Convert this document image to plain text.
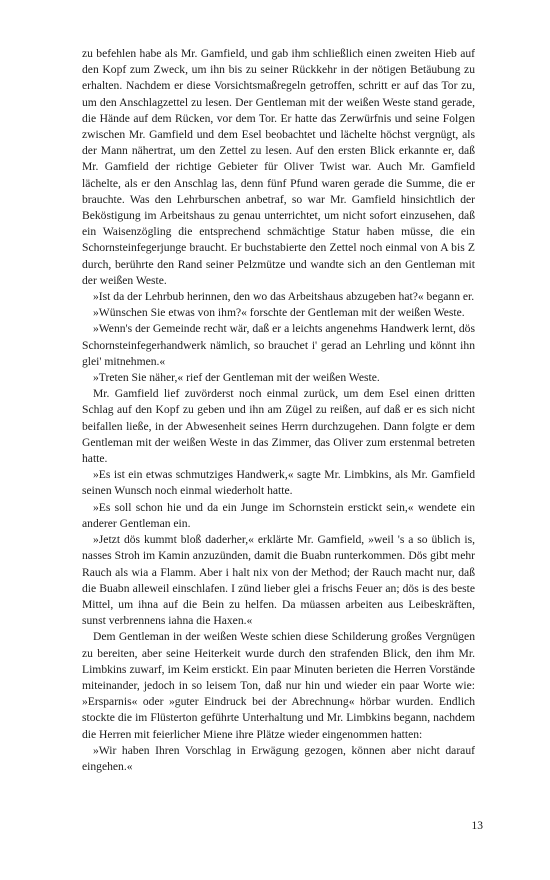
zu befehlen habe als Mr. Gamfield, und gab ihm schließlich einen zweiten Hieb auf den Kopf zum Zweck, um ihn bis zu seiner Rückkehr in der nötigen Betäubung zu erhalten. Nachdem er diese Vorsichtsmaßregeln getroffen, schritt er auf das Tor zu, um den Anschlagzettel zu lesen. Der Gentleman mit der weißen Weste stand gerade, die Hände auf dem Rücken, vor dem Tor. Er hatte das Zerwürfnis und seine Folgen zwischen Mr. Gamfield und dem Esel beobachtet und lächelte höchst vergnügt, als der Mann nähertrat, um den Zettel zu lesen. Auf den ersten Blick erkannte er, daß Mr. Gamfield der richtige Gebieter für Oliver Twist war. Auch Mr. Gamfield lächelte, als er den Anschlag las, denn fünf Pfund waren gerade die Summe, die er brauchte. Was den Lehrburschen anbetraf, so war Mr. Gamfield hinsichtlich der Beköstigung im Arbeitshaus zu genau unterrichtet, um nicht sofort einzusehen, daß ein Waisenzögling die entsprechend schmächtige Statur haben müsse, die ein Schornsteinfegerjunge braucht. Er buchstabierte den Zettel noch einmal von A bis Z durch, berührte den Rand seiner Pelzmütze und wandte sich an den Gentleman mit der weißen Weste.

»Ist da der Lehrbub herinnen, den wo das Arbeitshaus abzugeben hat?« begann er.

»Wünschen Sie etwas von ihm?« forschte der Gentleman mit der weißen Weste.

»Wenn's der Gemeinde recht wär, daß er a leichts angenehms Handwerk lernt, dös Schornsteinfegerhandwerk nämlich, so brauchet i' gerad an Lehrling und könnt ihn glei' mitnehmen.«

»Treten Sie näher,« rief der Gentleman mit der weißen Weste.

Mr. Gamfield lief zuvörderst noch einmal zurück, um dem Esel einen dritten Schlag auf den Kopf zu geben und ihn am Zügel zu reißen, auf daß er es sich nicht beifallen ließe, in der Abwesenheit seines Herrn durchzugehen. Dann folgte er dem Gentleman mit der weißen Weste in das Zimmer, das Oliver zum erstenmal betreten hatte.

»Es ist ein etwas schmutziges Handwerk,« sagte Mr. Limbkins, als Mr. Gamfield seinen Wunsch noch einmal wiederholt hatte.

»Es soll schon hie und da ein Junge im Schornstein erstickt sein,« wendete ein anderer Gentleman ein.

»Jetzt dös kummt bloß daderher,« erklärte Mr. Gamfield, »weil 's a so üblich is, nasses Stroh im Kamin anzuzünden, damit die Buabn runterkommen. Dös gibt mehr Rauch als wia a Flamm. Aber i halt nix von der Method; der Rauch macht nur, daß die Buabn alleweil einschlafen. I zünd lieber glei a frischs Feuer an; dös is des beste Mittel, um ihna auf die Bein zu helfen. Da müassen arbeiten aus Leibeskräften, sunst verbrennens iahna die Haxen.«

Dem Gentleman in der weißen Weste schien diese Schilderung großes Vergnügen zu bereiten, aber seine Heiterkeit wurde durch den strafenden Blick, den ihm Mr. Limbkins zuwarf, im Keim erstickt. Ein paar Minuten berieten die Herren Vorstände miteinander, jedoch in so leisem Ton, daß nur hin und wieder ein paar Worte wie: »Ersparnis« oder »guter Eindruck bei der Abrechnung« hörbar wurden. Endlich stockte die im Flüsterton geführte Unterhaltung und Mr. Limbkins begann, nachdem die Herren mit feierlicher Miene ihre Plätze wieder eingenommen hatten:

»Wir haben Ihren Vorschlag in Erwägung gezogen, können aber nicht darauf eingehen.«

13
